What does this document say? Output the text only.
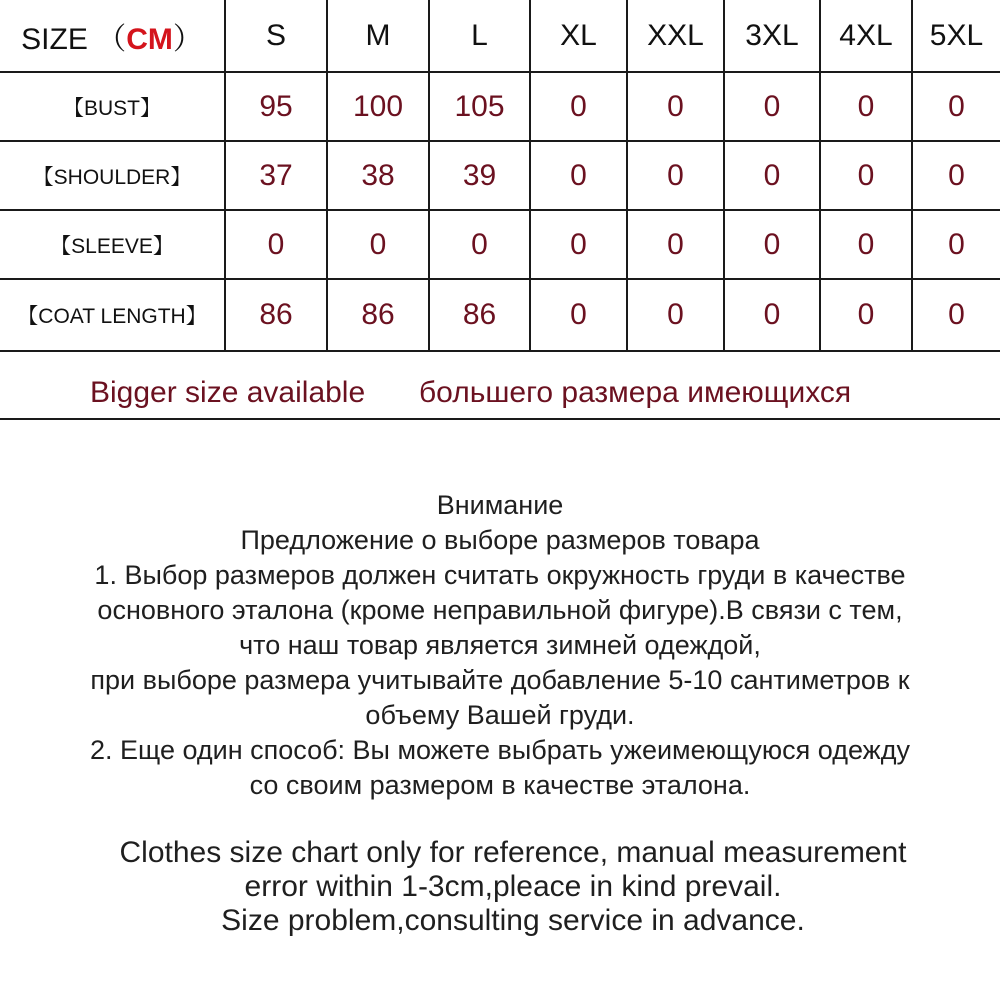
SIZE （CM）	S	M	L	XL	XXL	3XL	4XL	5XL
【BUST】	95	100	105	0	0	0	0	0
【SHOULDER】	37	38	39	0	0	0	0	0
【SLEEVE】	0	0	0	0	0	0	0	0
【COAT LENGTH】	86	86	86	0	0	0	0	0
Bigger size available большего размера имеющихся
Внимание
Предложение о выборе размеров товара
1. Выбор размеров должен считать окружность груди в качестве
основного эталона (кроме неправильной фигуре).В связи с тем,
что наш товар является зимней одеждой,
при выборе размера учитывайте добавление 5-10 сантиметров к
объему Вашей груди.
2. Еще один способ: Вы можете выбрать ужеимеющуюся одежду
со своим размером в качестве эталона.
Clothes size chart only for reference, manual measurement
error within 1-3cm,pleace in kind prevail.
Size problem,consulting service in advance.
